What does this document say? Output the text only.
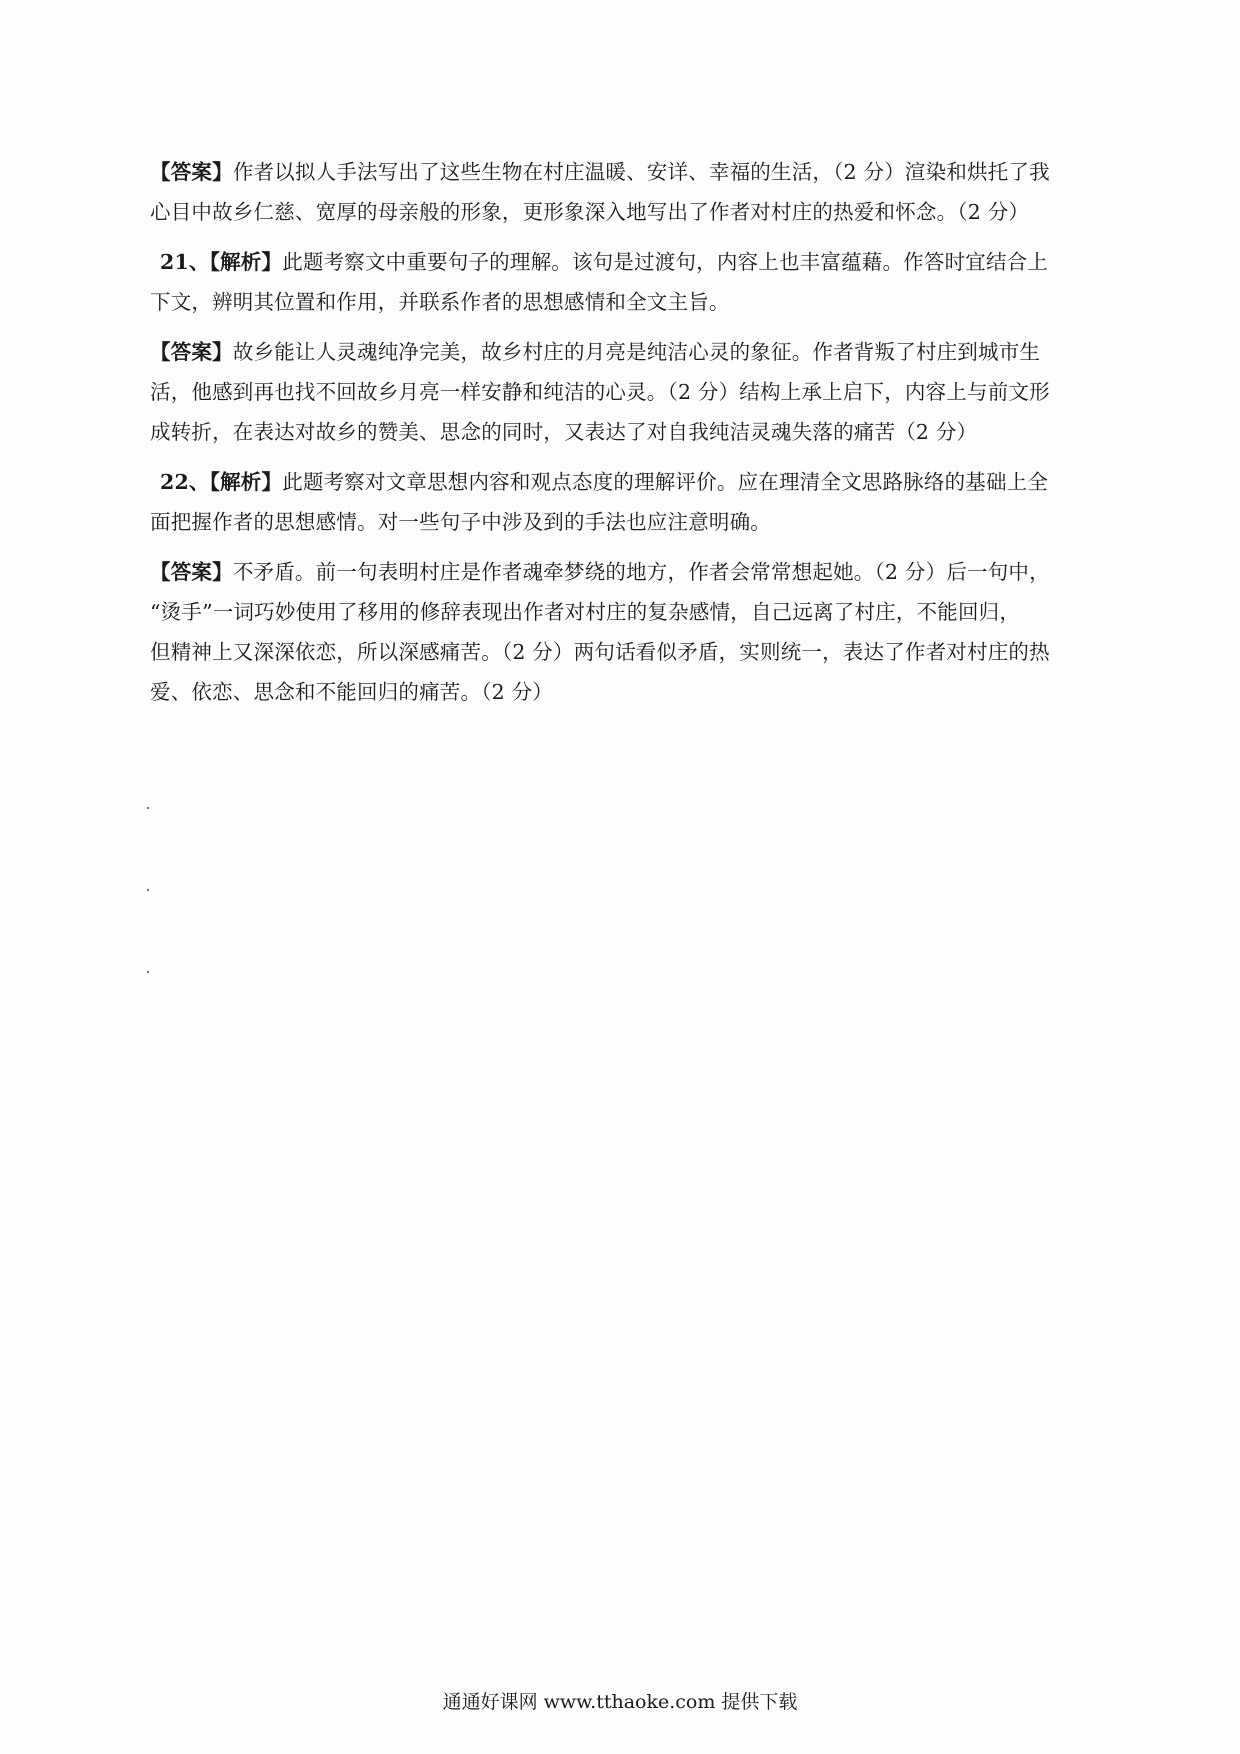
【答案】作者以拟人手法写出了这些生物在村庄温暖、安详、幸福的生活，（2 分）渲染和烘托了我
心目中故乡仁慈、宽厚的母亲般的形象，更形象深入地写出了作者对村庄的热爱和怀念。（2 分）
21、【解析】此题考察文中重要句子的理解。该句是过渡句，内容上也丰富蕴藉。作答时宜结合上
下文，辨明其位置和作用，并联系作者的思想感情和全文主旨。
【答案】故乡能让人灵魂纯净完美，故乡村庄的月亮是纯洁心灵的象征。作者背叛了村庄到城市生
活，他感到再也找不回故乡月亮一样安静和纯洁的心灵。（2 分）结构上承上启下，内容上与前文形
成转折，在表达对故乡的赞美、思念的同时，又表达了对自我纯洁灵魂失落的痛苦（2 分）
22、【解析】此题考察对文章思想内容和观点态度的理解评价。应在理清全文思路脉络的基础上全
面把握作者的思想感情。对一些句子中涉及到的手法也应注意明确。
【答案】不矛盾。前一句表明村庄是作者魂牵梦绕的地方，作者会常常想起她。（2 分）后一句中，
“烫手”一词巧妙使用了移用的修辞表现出作者对村庄的复杂感情，自己远离了村庄，不能回归，
但精神上又深深依恋，所以深感痛苦。（2 分）两句话看似矛盾，实则统一，表达了作者对村庄的热
爱、依恋、思念和不能回归的痛苦。（2 分）
通通好课网 www.tthaoke.com 提供下载
